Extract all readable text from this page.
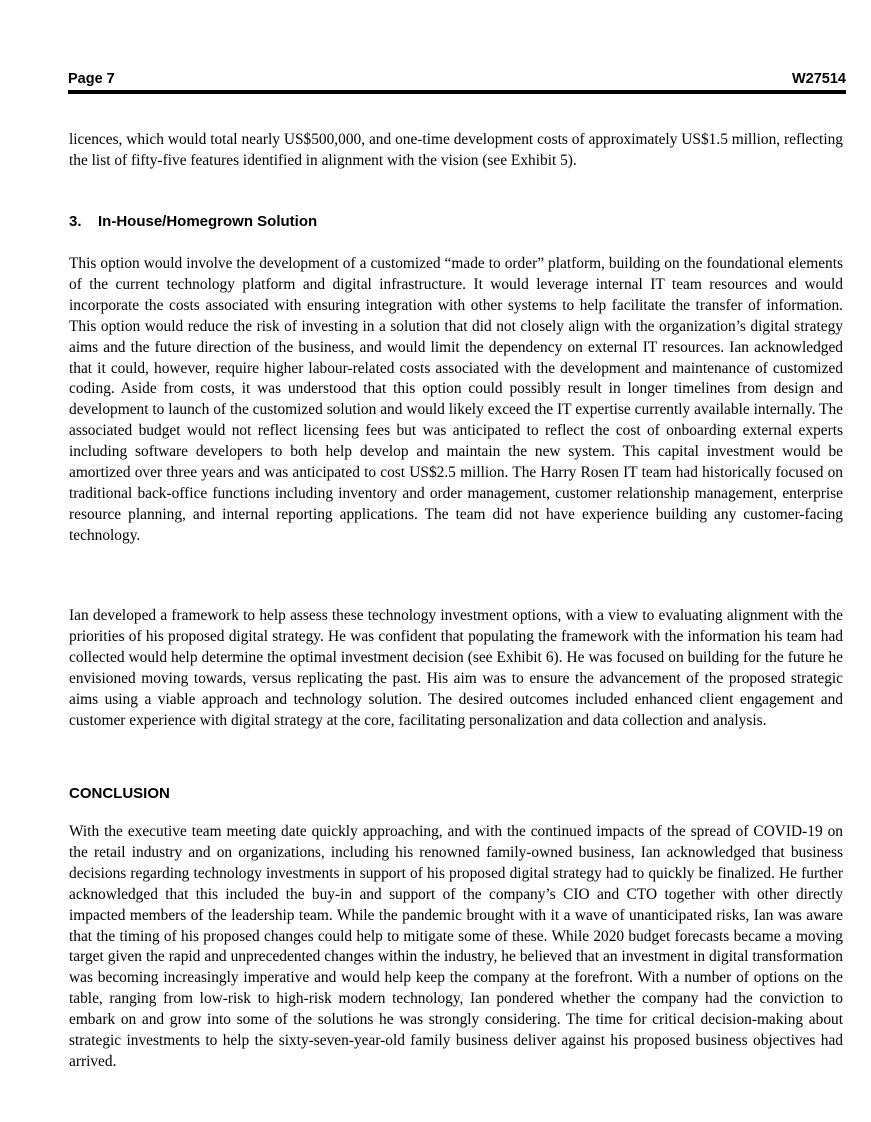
Page 7	W27514

licences, which would total nearly US$500,000, and one-time development costs of approximately US$1.5 million, reflecting the list of fifty-five features identified in alignment with the vision (see Exhibit 5).

3. In-House/Homegrown Solution

This option would involve the development of a customized “made to order” platform, building on the foundational elements of the current technology platform and digital infrastructure. It would leverage internal IT team resources and would incorporate the costs associated with ensuring integration with other systems to help facilitate the transfer of information. This option would reduce the risk of investing in a solution that did not closely align with the organization’s digital strategy aims and the future direction of the business, and would limit the dependency on external IT resources. Ian acknowledged that it could, however, require higher labour-related costs associated with the development and maintenance of customized coding. Aside from costs, it was understood that this option could possibly result in longer timelines from design and development to launch of the customized solution and would likely exceed the IT expertise currently available internally. The associated budget would not reflect licensing fees but was anticipated to reflect the cost of onboarding external experts including software developers to both help develop and maintain the new system. This capital investment would be amortized over three years and was anticipated to cost US$2.5 million. The Harry Rosen IT team had historically focused on traditional back-office functions including inventory and order management, customer relationship management, enterprise resource planning, and internal reporting applications. The team did not have experience building any customer-facing technology.

Ian developed a framework to help assess these technology investment options, with a view to evaluating alignment with the priorities of his proposed digital strategy. He was confident that populating the framework with the information his team had collected would help determine the optimal investment decision (see Exhibit 6). He was focused on building for the future he envisioned moving towards, versus replicating the past. His aim was to ensure the advancement of the proposed strategic aims using a viable approach and technology solution. The desired outcomes included enhanced client engagement and customer experience with digital strategy at the core, facilitating personalization and data collection and analysis.

CONCLUSION

With the executive team meeting date quickly approaching, and with the continued impacts of the spread of COVID-19 on the retail industry and on organizations, including his renowned family-owned business, Ian acknowledged that business decisions regarding technology investments in support of his proposed digital strategy had to quickly be finalized. He further acknowledged that this included the buy-in and support of the company’s CIO and CTO together with other directly impacted members of the leadership team. While the pandemic brought with it a wave of unanticipated risks, Ian was aware that the timing of his proposed changes could help to mitigate some of these. While 2020 budget forecasts became a moving target given the rapid and unprecedented changes within the industry, he believed that an investment in digital transformation was becoming increasingly imperative and would help keep the company at the forefront. With a number of options on the table, ranging from low-risk to high-risk modern technology, Ian pondered whether the company had the conviction to embark on and grow into some of the solutions he was strongly considering. The time for critical decision-making about strategic investments to help the sixty-seven-year-old family business deliver against his proposed business objectives had arrived.
